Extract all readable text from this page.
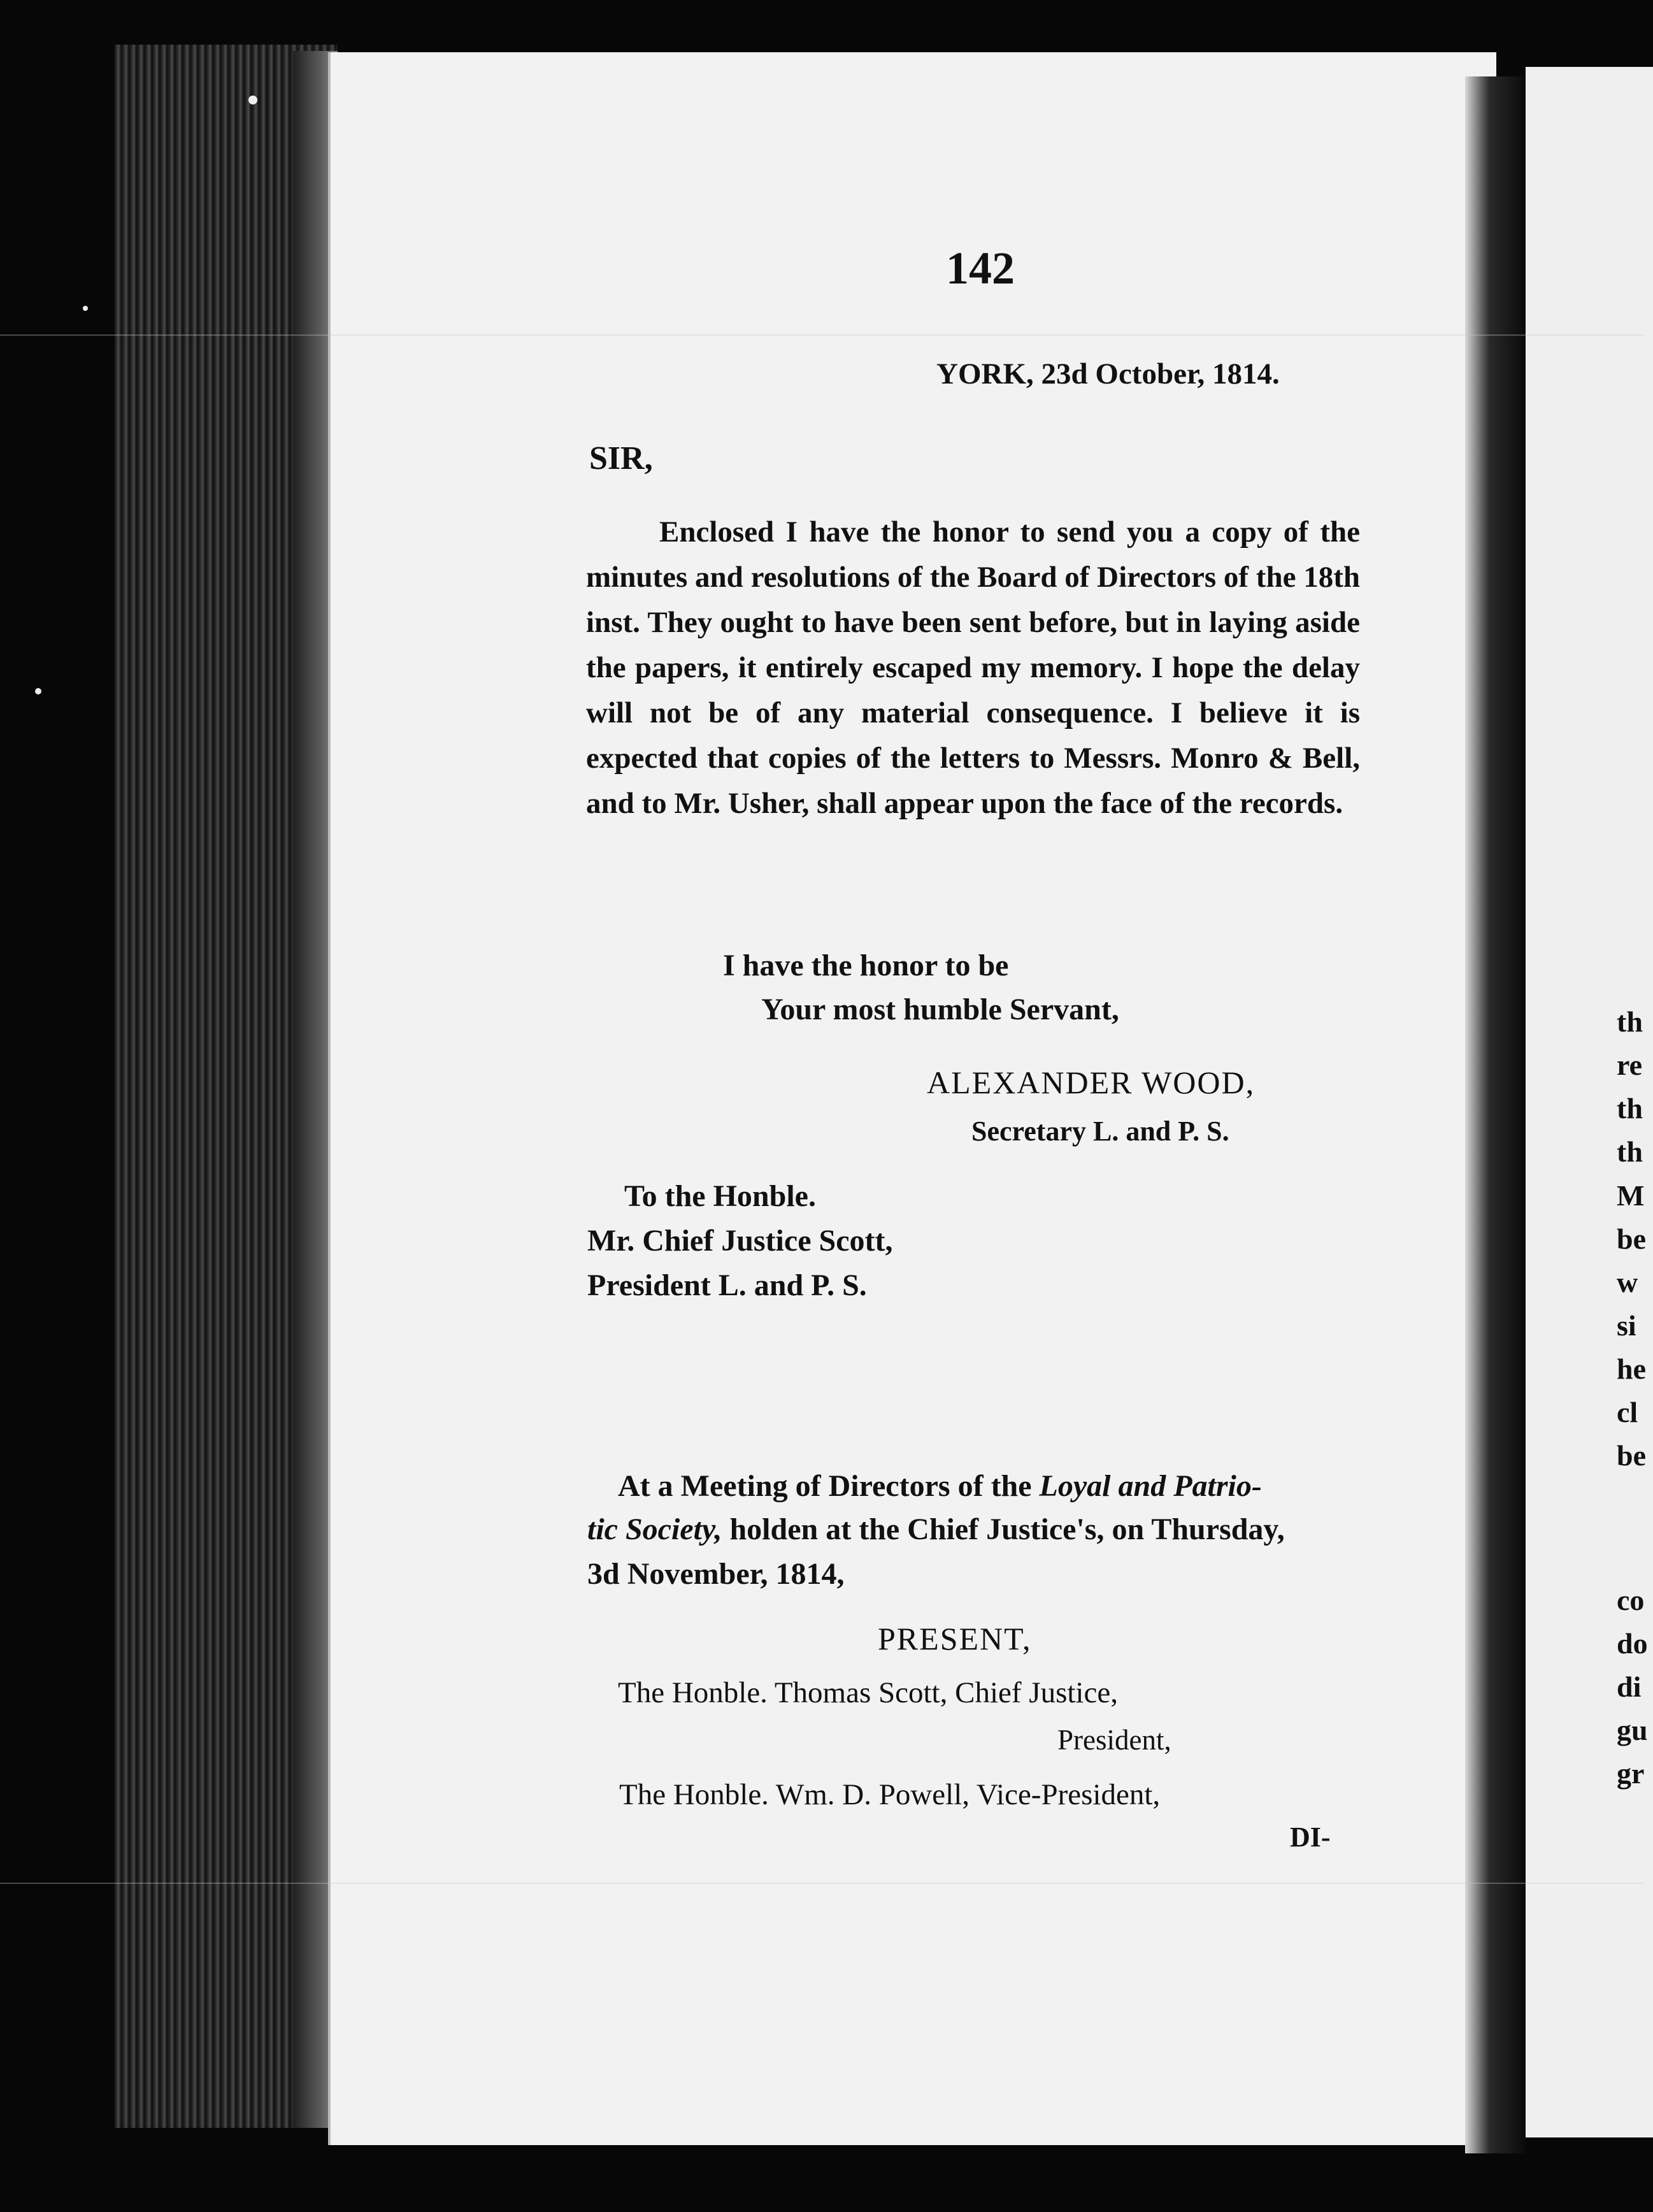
142
YORK, 23d October, 1814.
SIR,
Enclosed I have the honor to send you a copy of the minutes and resolutions of the Board of Directors of the 18th inst. They ought to have been sent before, but in laying aside the papers, it entirely escaped my memory. I hope the delay will not be of any material consequence. I believe it is expected that copies of the letters to Messrs. Monro & Bell, and to Mr. Usher, shall appear upon the face of the records.
I have the honor to be
Your most humble Servant,
ALEXANDER WOOD,
Secretary L. and P. S.
To the Honble.
Mr. Chief Justice Scott,
President L. and P. S.
At a Meeting of Directors of the Loyal and Patrio-
tic Society, holden at the Chief Justice's, on Thursday,
3d November, 1814,
PRESENT,
The Honble. Thomas Scott, Chief Justice,
President,
The Honble. Wm. D. Powell, Vice-President,
DI-
th
re
th
th
M
be
w
si
he
cl
be
co
do
di
gu
gr
